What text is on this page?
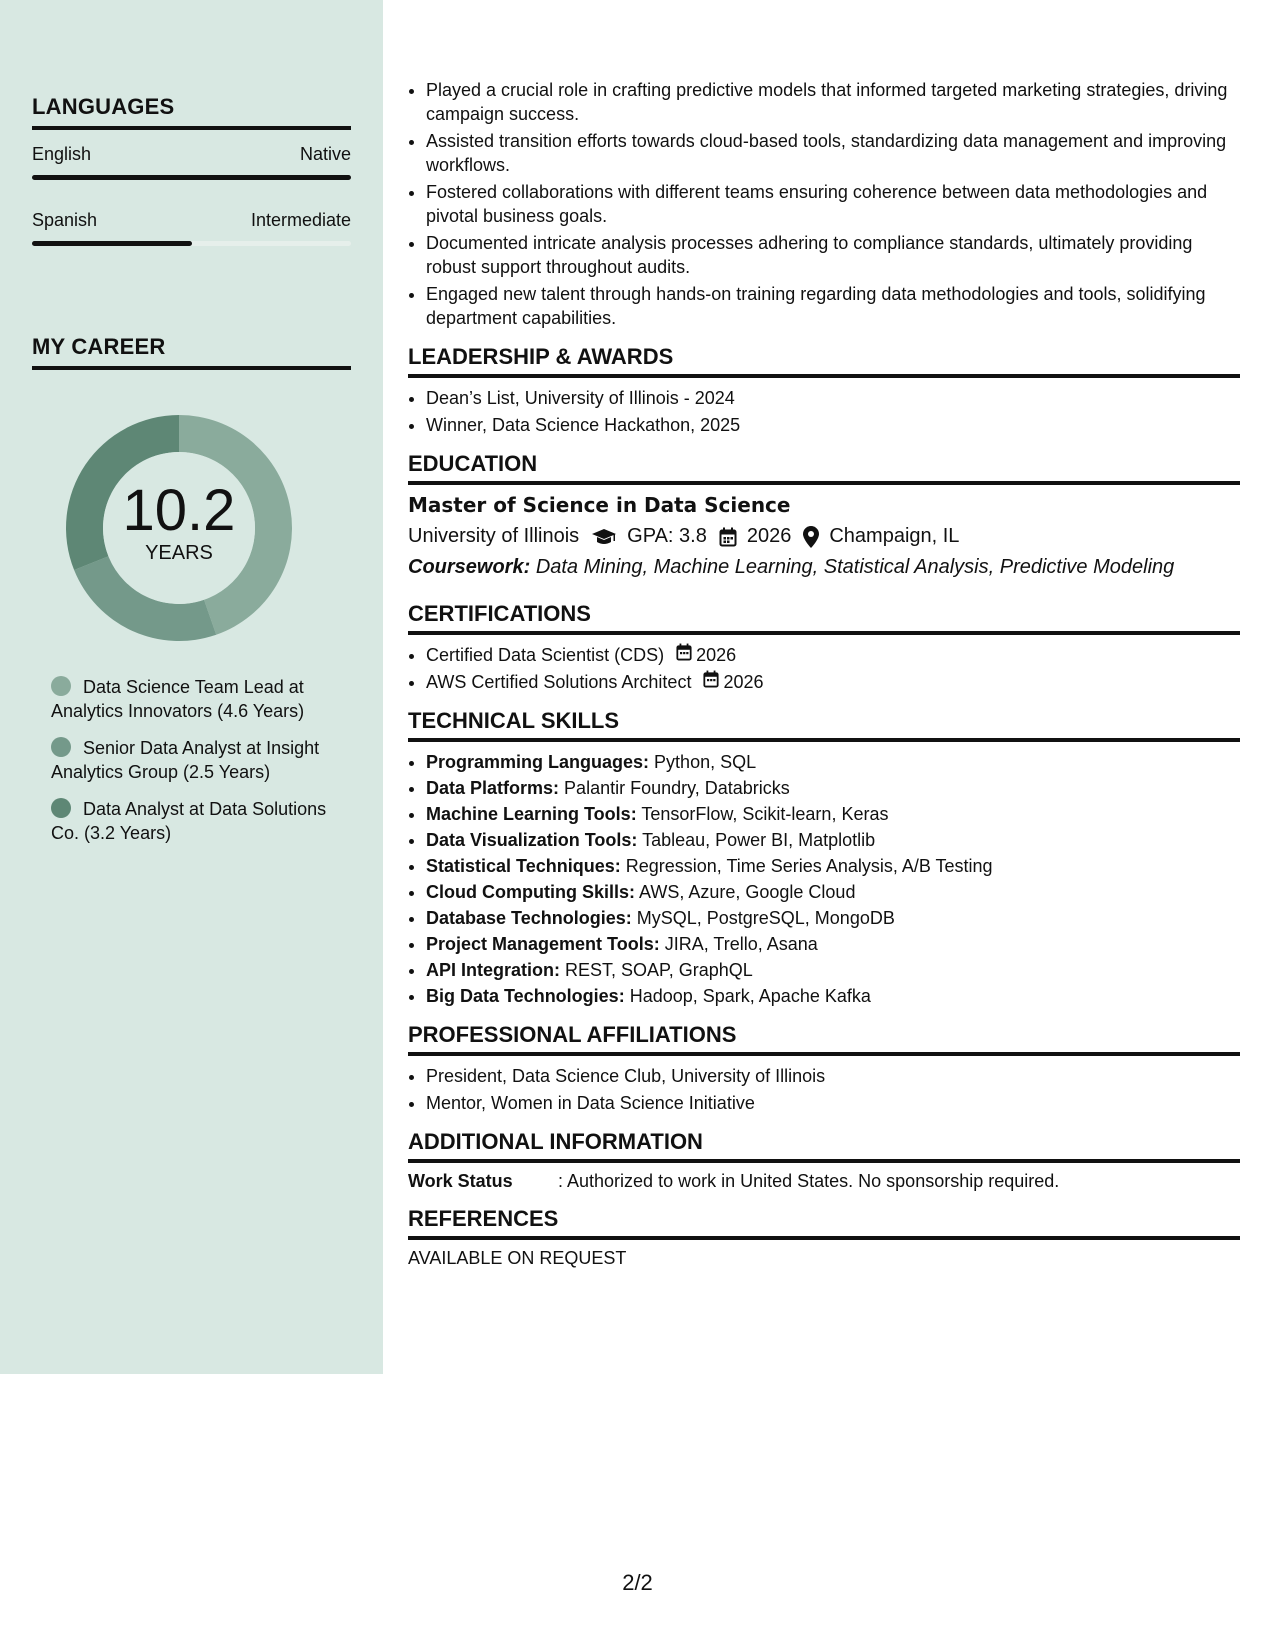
LANGUAGES
English	Native
Spanish	Intermediate
MY CAREER
10.2
YEARS
Data Science Team Lead at Analytics Innovators (4.6 Years)
Senior Data Analyst at Insight Analytics Group (2.5 Years)
Data Analyst at Data Solutions Co. (3.2 Years)
• Played a crucial role in crafting predictive models that informed targeted marketing strategies, driving campaign success.
• Assisted transition efforts towards cloud-based tools, standardizing data management and improving workflows.
• Fostered collaborations with different teams ensuring coherence between data methodologies and pivotal business goals.
• Documented intricate analysis processes adhering to compliance standards, ultimately providing robust support throughout audits.
• Engaged new talent through hands-on training regarding data methodologies and tools, solidifying department capabilities.
LEADERSHIP & AWARDS
• Dean’s List, University of Illinois - 2024
• Winner, Data Science Hackathon, 2025
EDUCATION
Master of Science in Data Science
University of Illinois GPA: 3.8 2026 Champaign, IL
Coursework: Data Mining, Machine Learning, Statistical Analysis, Predictive Modeling
CERTIFICATIONS
• Certified Data Scientist (CDS) 2026
• AWS Certified Solutions Architect 2026
TECHNICAL SKILLS
• Programming Languages: Python, SQL
• Data Platforms: Palantir Foundry, Databricks
• Machine Learning Tools: TensorFlow, Scikit-learn, Keras
• Data Visualization Tools: Tableau, Power BI, Matplotlib
• Statistical Techniques: Regression, Time Series Analysis, A/B Testing
• Cloud Computing Skills: AWS, Azure, Google Cloud
• Database Technologies: MySQL, PostgreSQL, MongoDB
• Project Management Tools: JIRA, Trello, Asana
• API Integration: REST, SOAP, GraphQL
• Big Data Technologies: Hadoop, Spark, Apache Kafka
PROFESSIONAL AFFILIATIONS
• President, Data Science Club, University of Illinois
• Mentor, Women in Data Science Initiative
ADDITIONAL INFORMATION
Work Status	: Authorized to work in United States. No sponsorship required.
REFERENCES
AVAILABLE ON REQUEST
2/2
